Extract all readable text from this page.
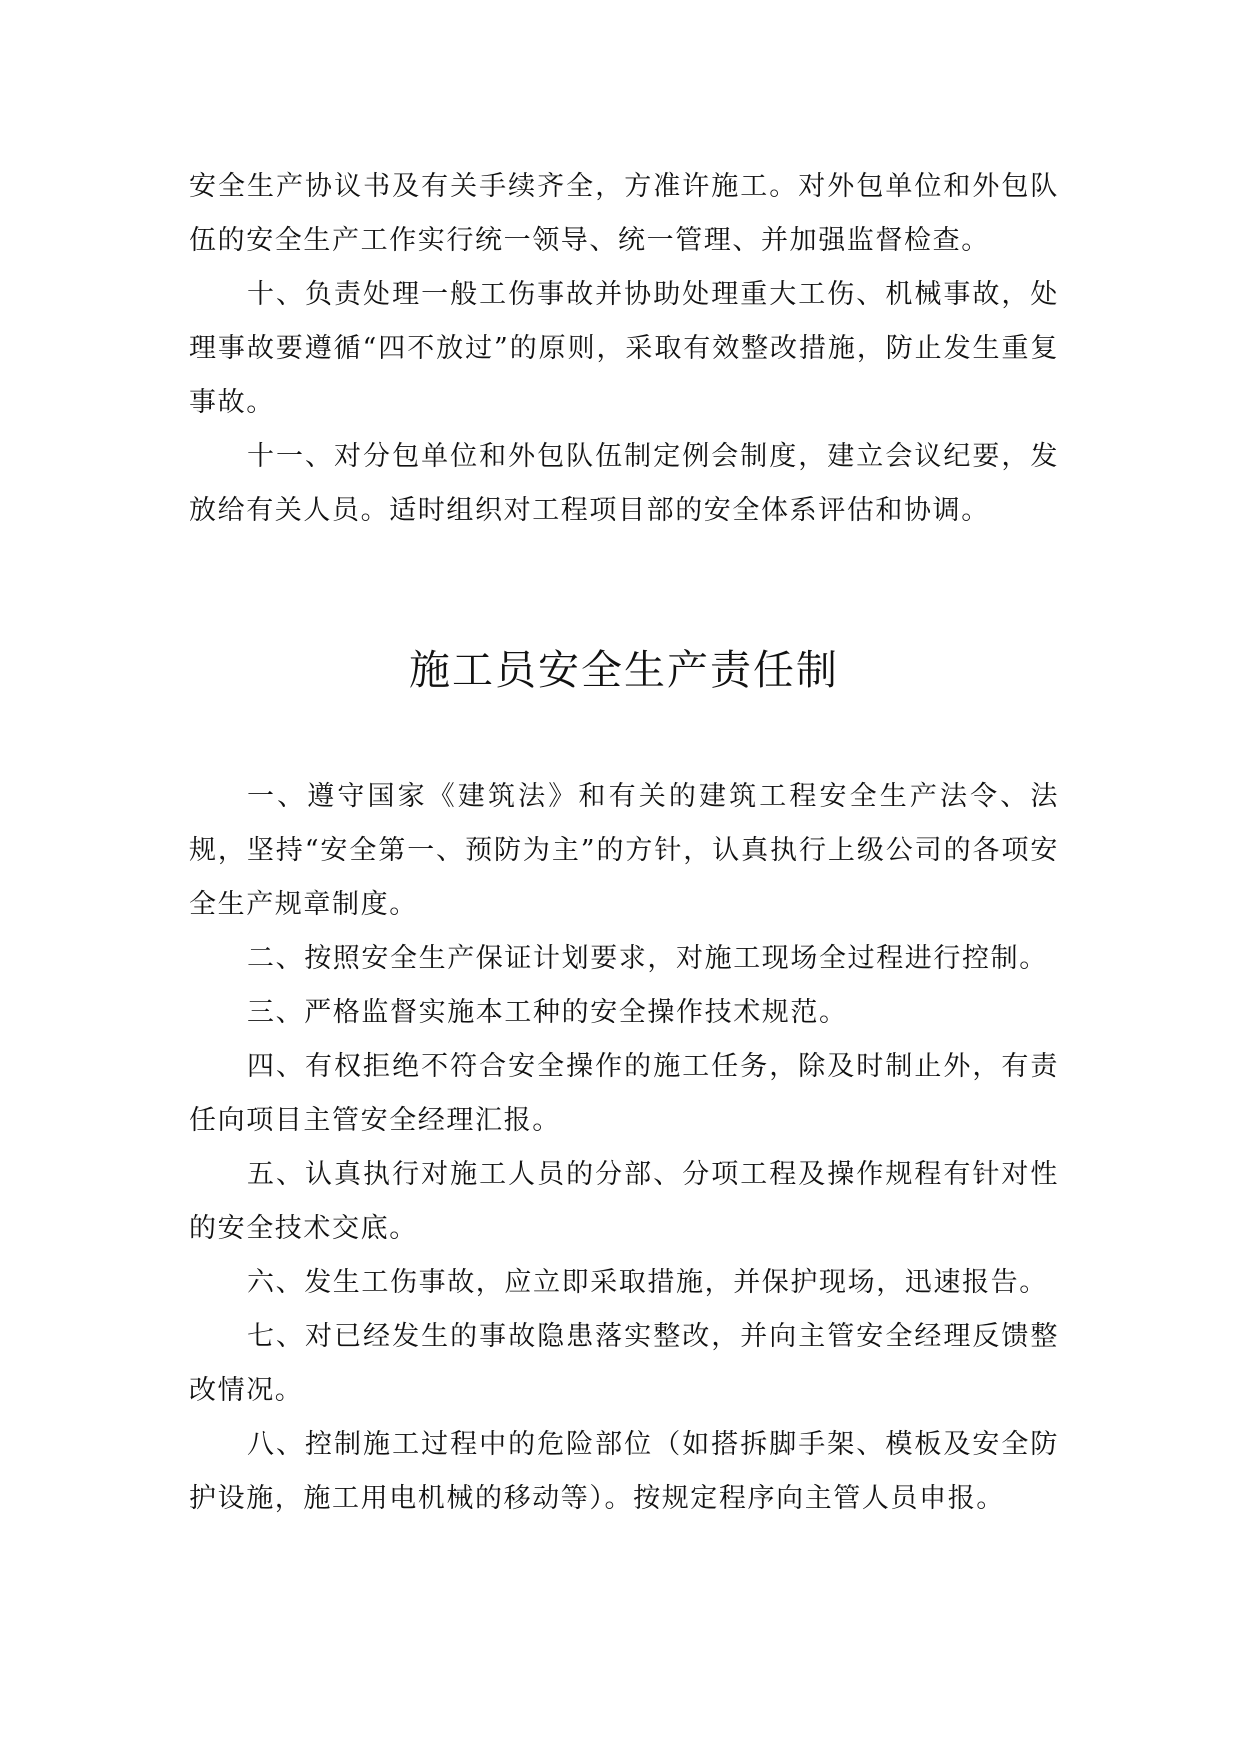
安全生产协议书及有关手续齐全，方准许施工。对外包单位和外包队伍的安全生产工作实行统一领导、统一管理、并加强监督检查。

十、负责处理一般工伤事故并协助处理重大工伤、机械事故，处理事故要遵循“四不放过”的原则，采取有效整改措施，防止发生重复事故。

十一、对分包单位和外包队伍制定例会制度，建立会议纪要，发放给有关人员。适时组织对工程项目部的安全体系评估和协调。

施工员安全生产责任制

一、遵守国家《建筑法》和有关的建筑工程安全生产法令、法规，坚持“安全第一、预防为主”的方针，认真执行上级公司的各项安全生产规章制度。

二、按照安全生产保证计划要求，对施工现场全过程进行控制。

三、严格监督实施本工种的安全操作技术规范。

四、有权拒绝不符合安全操作的施工任务，除及时制止外，有责任向项目主管安全经理汇报。

五、认真执行对施工人员的分部、分项工程及操作规程有针对性的安全技术交底。

六、发生工伤事故，应立即采取措施，并保护现场，迅速报告。

七、对已经发生的事故隐患落实整改，并向主管安全经理反馈整改情况。

八、控制施工过程中的危险部位（如搭拆脚手架、模板及安全防护设施，施工用电机械的移动等）。按规定程序向主管人员申报。
